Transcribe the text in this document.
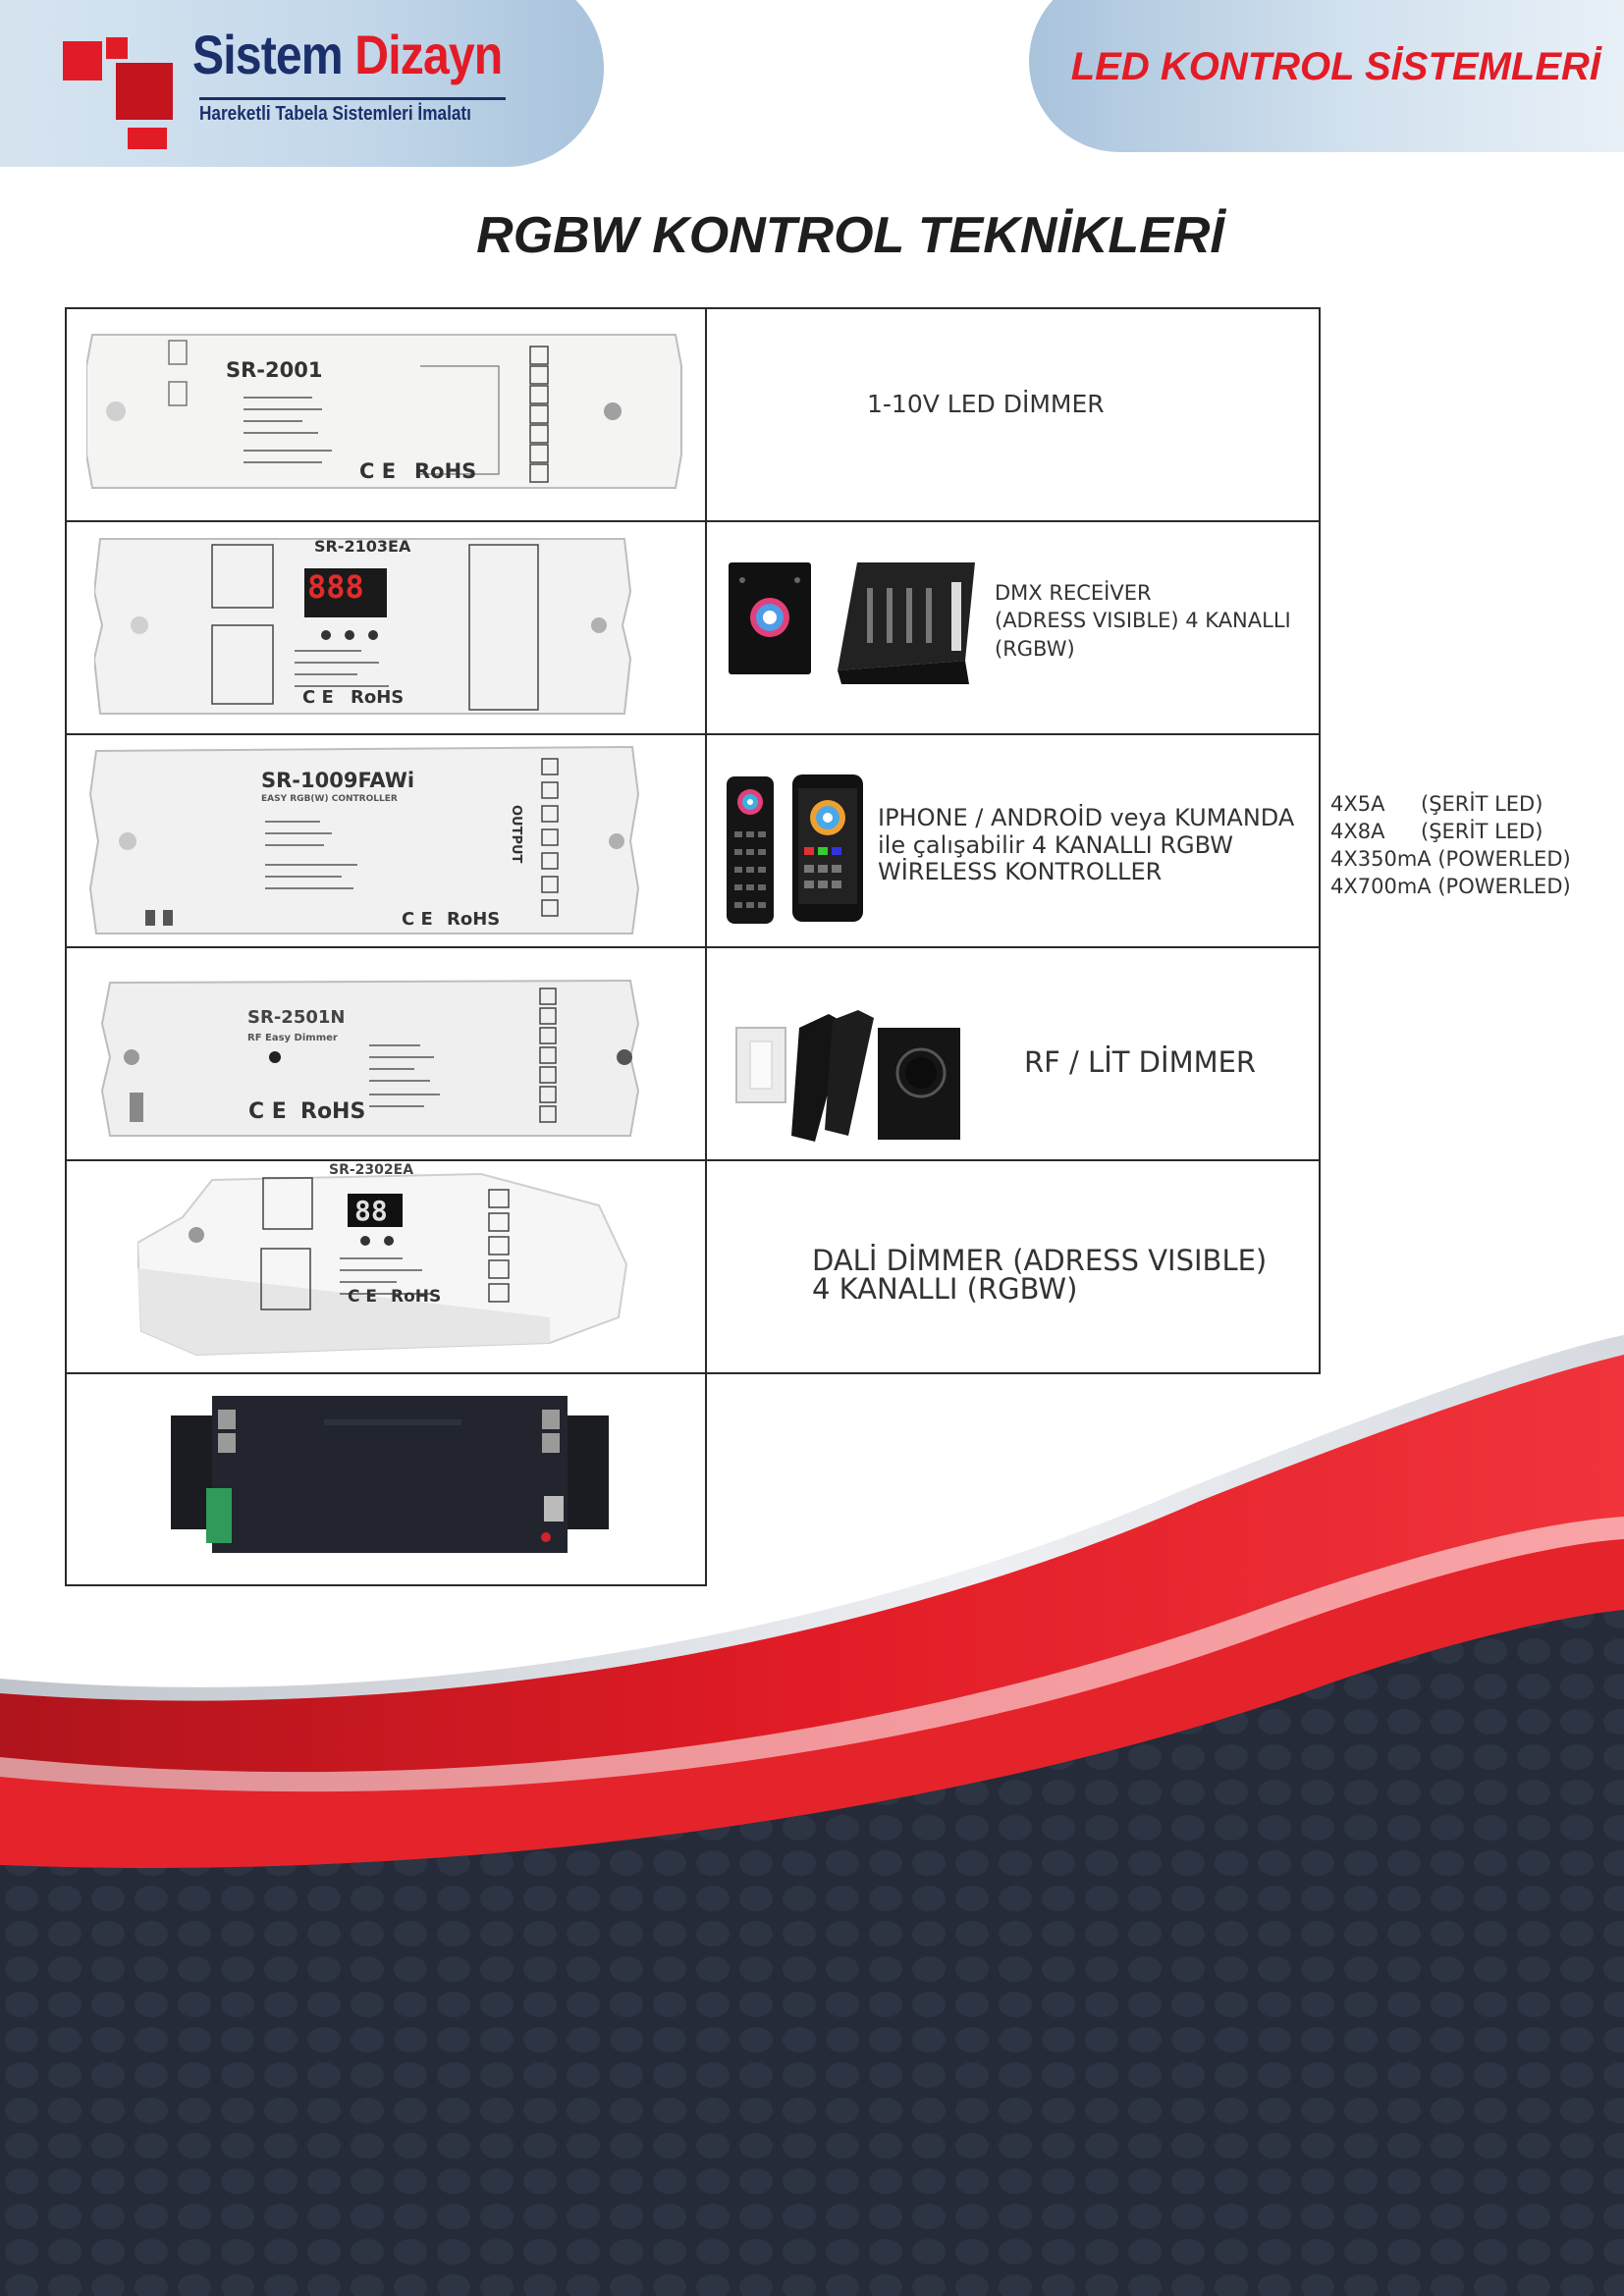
Sistem Dizayn

Hareketli Tabela Sistemleri İmalatı

LED KONTROL SİSTEMLERİ

RGBW KONTROL TEKNİKLERİ

SR-2001

RoHS

C E

1-10V LED DİMMER

SR-2103EA

888

RoHS

C E

DMX RECEİVER
(ADRESS VISIBLE) 4 KANALLI
(RGBW)

SR-1009FAWi

EASY RGB(W) CONTROLLER

OUTPUT

RoHS

C E

IPHONE / ANDROİD veya KUMANDA
ile çalışabilir 4 KANALLI RGBW
WİRELESS KONTROLLER

SR-2501N

RF Easy Dimmer

RoHS

C E

RF / LİT DİMMER

SR-2302EA

88

RoHS

C E

DALİ DİMMER (ADRESS VISIBLE)
4 KANALLI (RGBW)

4X5A (ŞERİT LED)
4X8A (ŞERİT LED)
4X350mA (POWERLED)
4X700mA (POWERLED)
